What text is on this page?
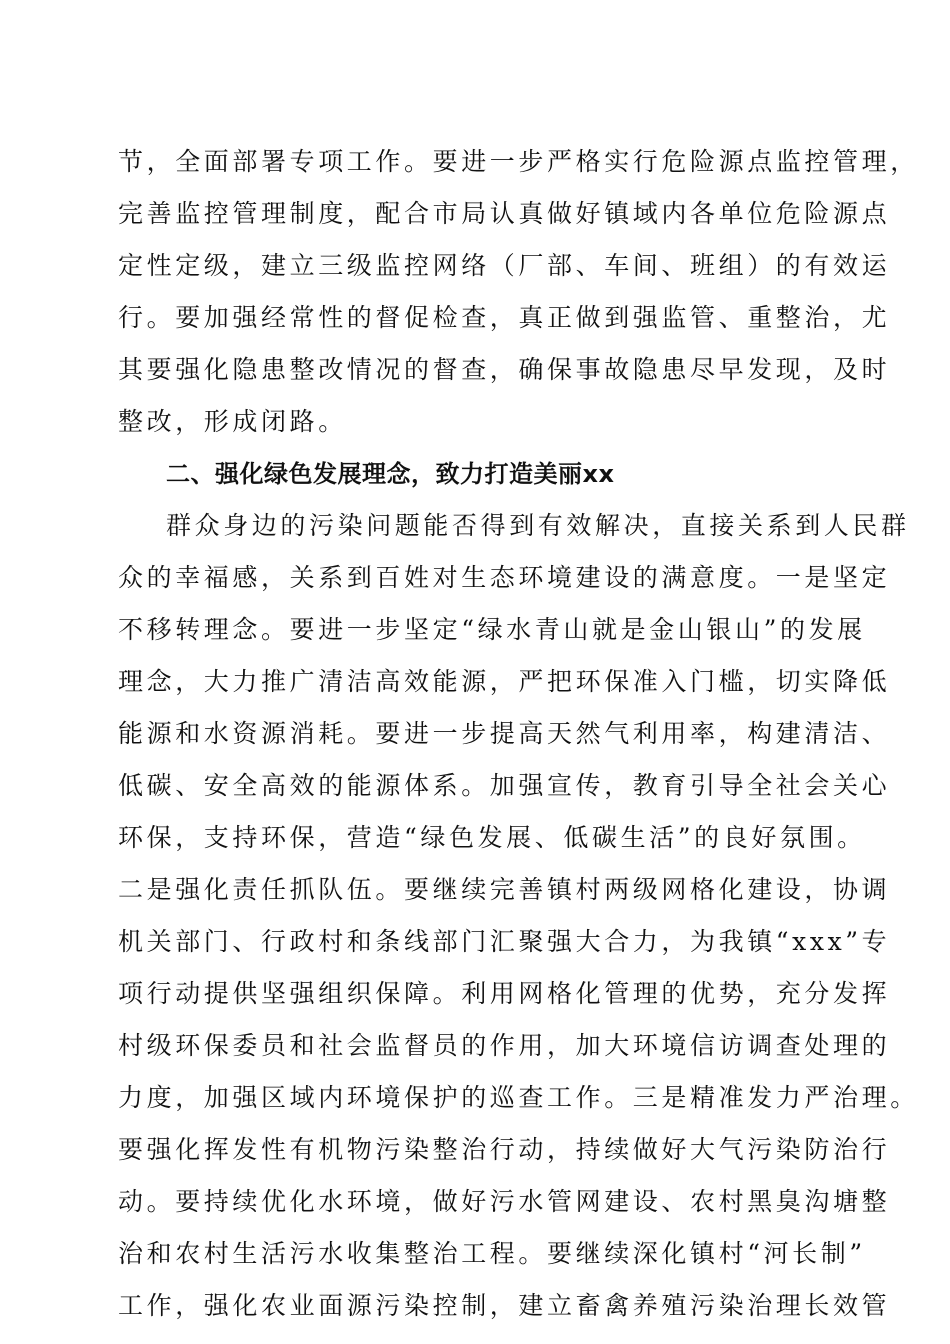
节，全面部署专项工作。要进一步严格实行危险源点监控管理，
完善监控管理制度，配合市局认真做好镇域内各单位危险源点
定性定级，建立三级监控网络（厂部、车间、班组）的有效运
行。要加强经常性的督促检查，真正做到强监管、重整治，尤
其要强化隐患整改情况的督查，确保事故隐患尽早发现，及时
整改，形成闭路。
二、强化绿色发展理念，致力打造美丽xx
群众身边的污染问题能否得到有效解决，直接关系到人民群
众的幸福感，关系到百姓对生态环境建设的满意度。一是坚定
不移转理念。要进一步坚定“绿水青山就是金山银山”的发展
理念，大力推广清洁高效能源，严把环保准入门槛，切实降低
能源和水资源消耗。要进一步提高天然气利用率，构建清洁、
低碳、安全高效的能源体系。加强宣传，教育引导全社会关心
环保，支持环保，营造“绿色发展、低碳生活”的良好氛围。
二是强化责任抓队伍。要继续完善镇村两级网格化建设，协调
机关部门、行政村和条线部门汇聚强大合力，为我镇“xxx”专
项行动提供坚强组织保障。利用网格化管理的优势，充分发挥
村级环保委员和社会监督员的作用，加大环境信访调查处理的
力度，加强区域内环境保护的巡查工作。三是精准发力严治理。
要强化挥发性有机物污染整治行动，持续做好大气污染防治行
动。要持续优化水环境，做好污水管网建设、农村黑臭沟塘整
治和农村生活污水收集整治工程。要继续深化镇村“河长制”
工作，强化农业面源污染控制，建立畜禽养殖污染治理长效管
